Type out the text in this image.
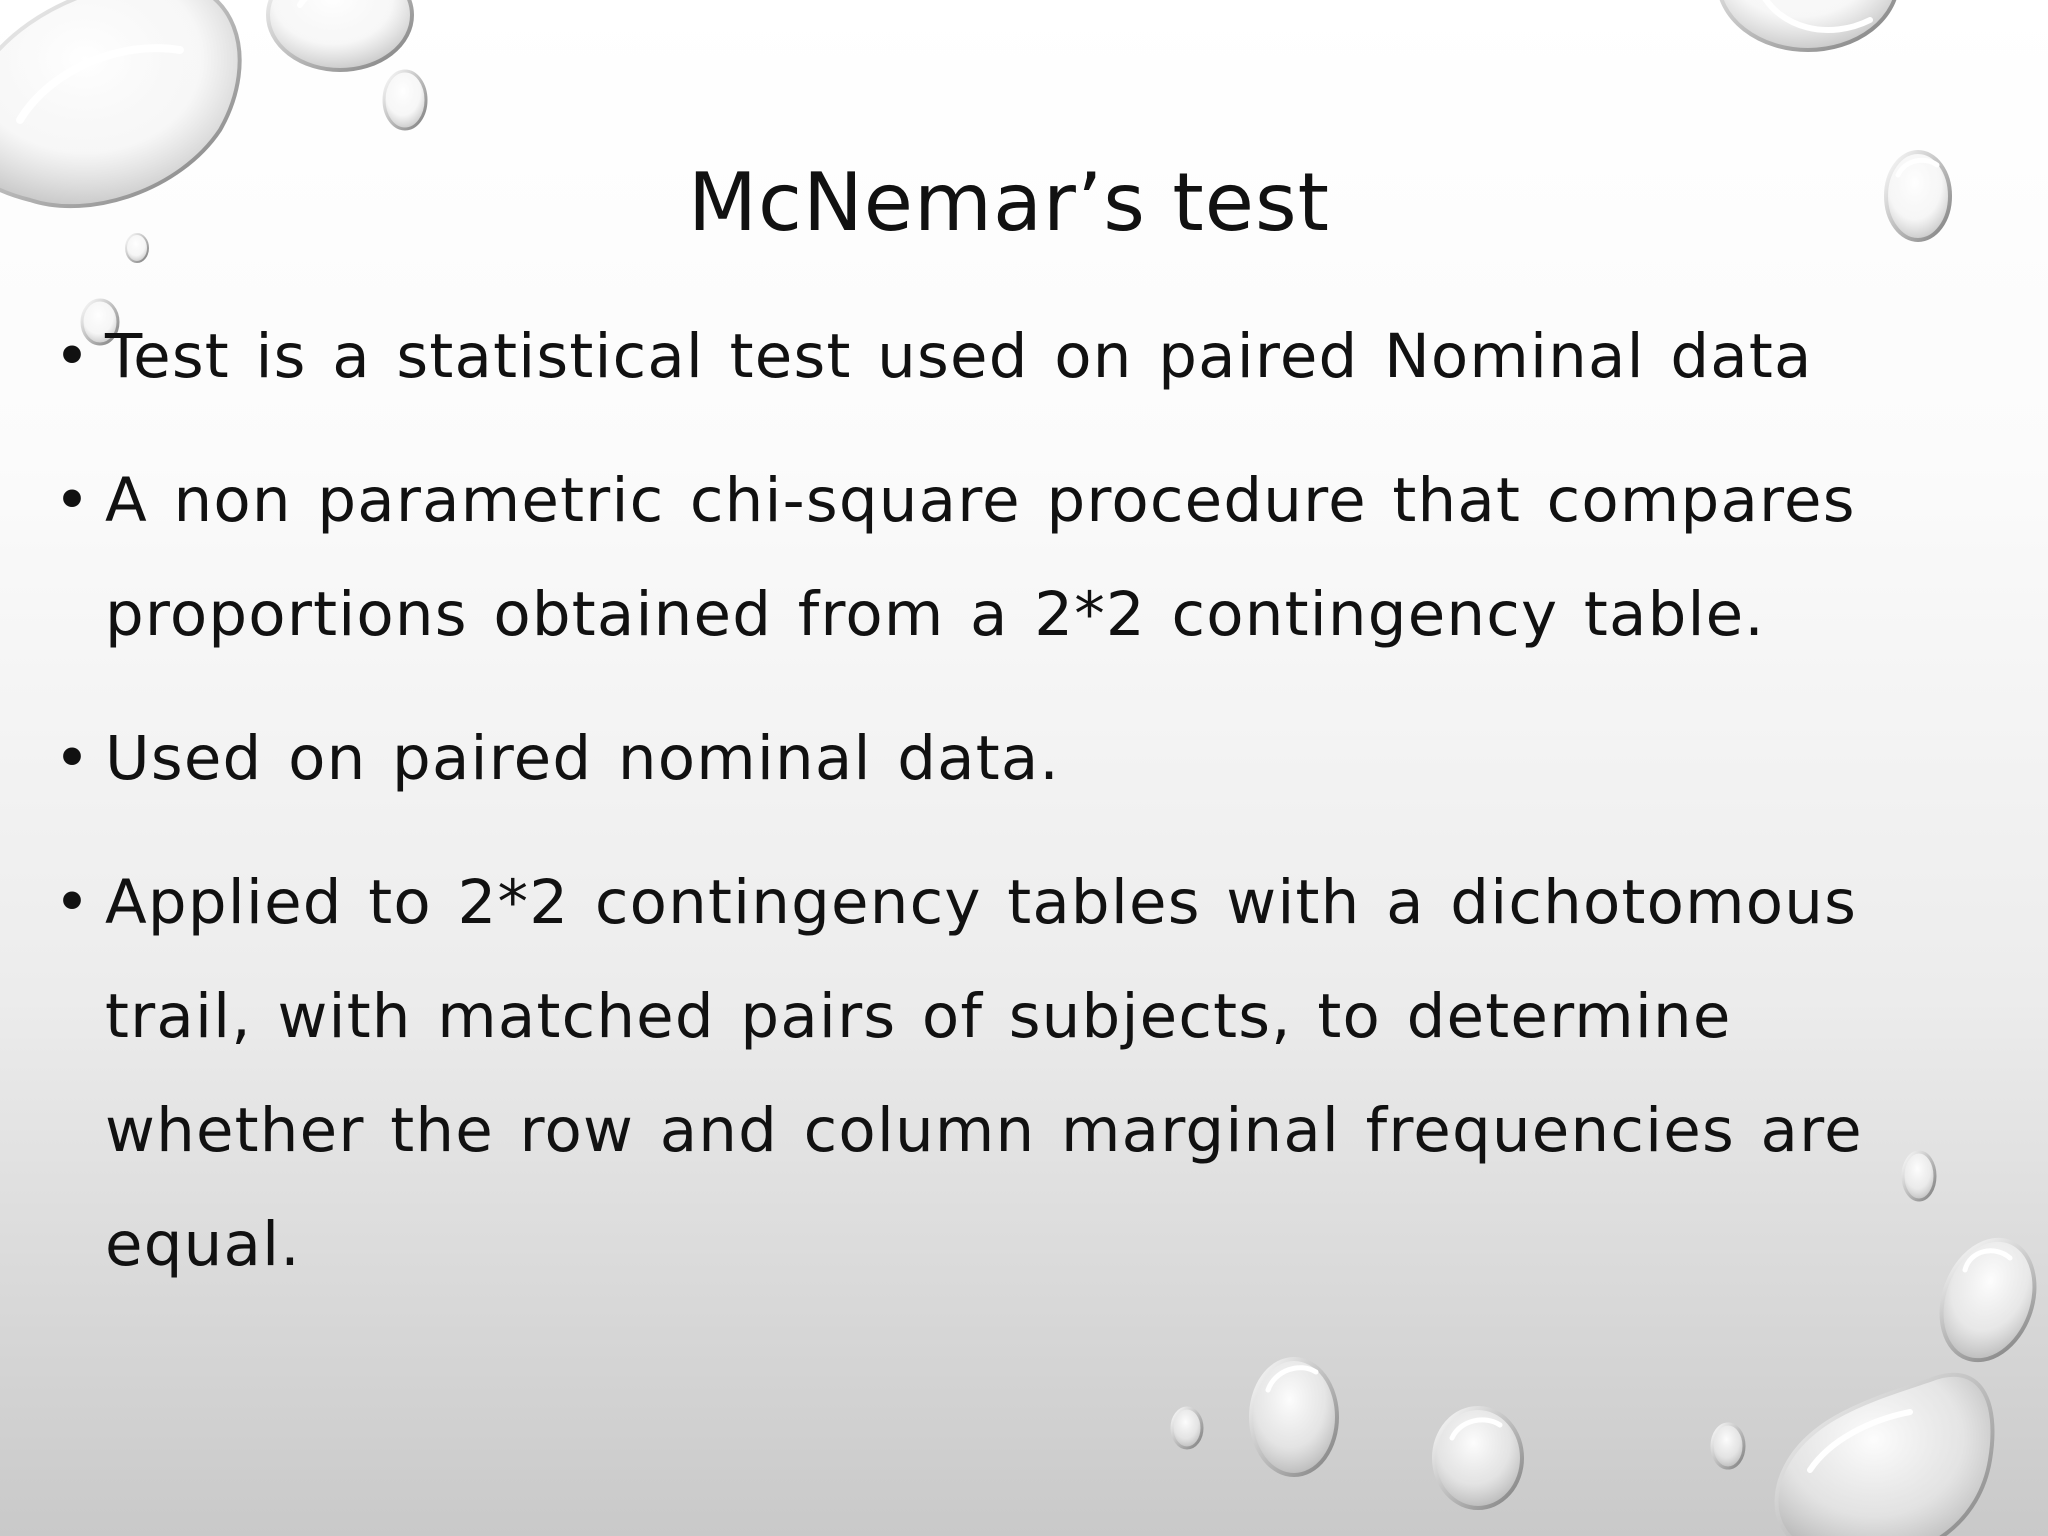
McNemar’s test
• Test is a statistical test used on paired Nominal data
• A non parametric chi-square procedure that compares proportions obtained from a 2*2 contingency table.
• Used on paired nominal data.
• Applied to 2*2 contingency tables with a dichotomous trail, with matched pairs of subjects, to determine whether the row and column marginal frequencies are equal.
